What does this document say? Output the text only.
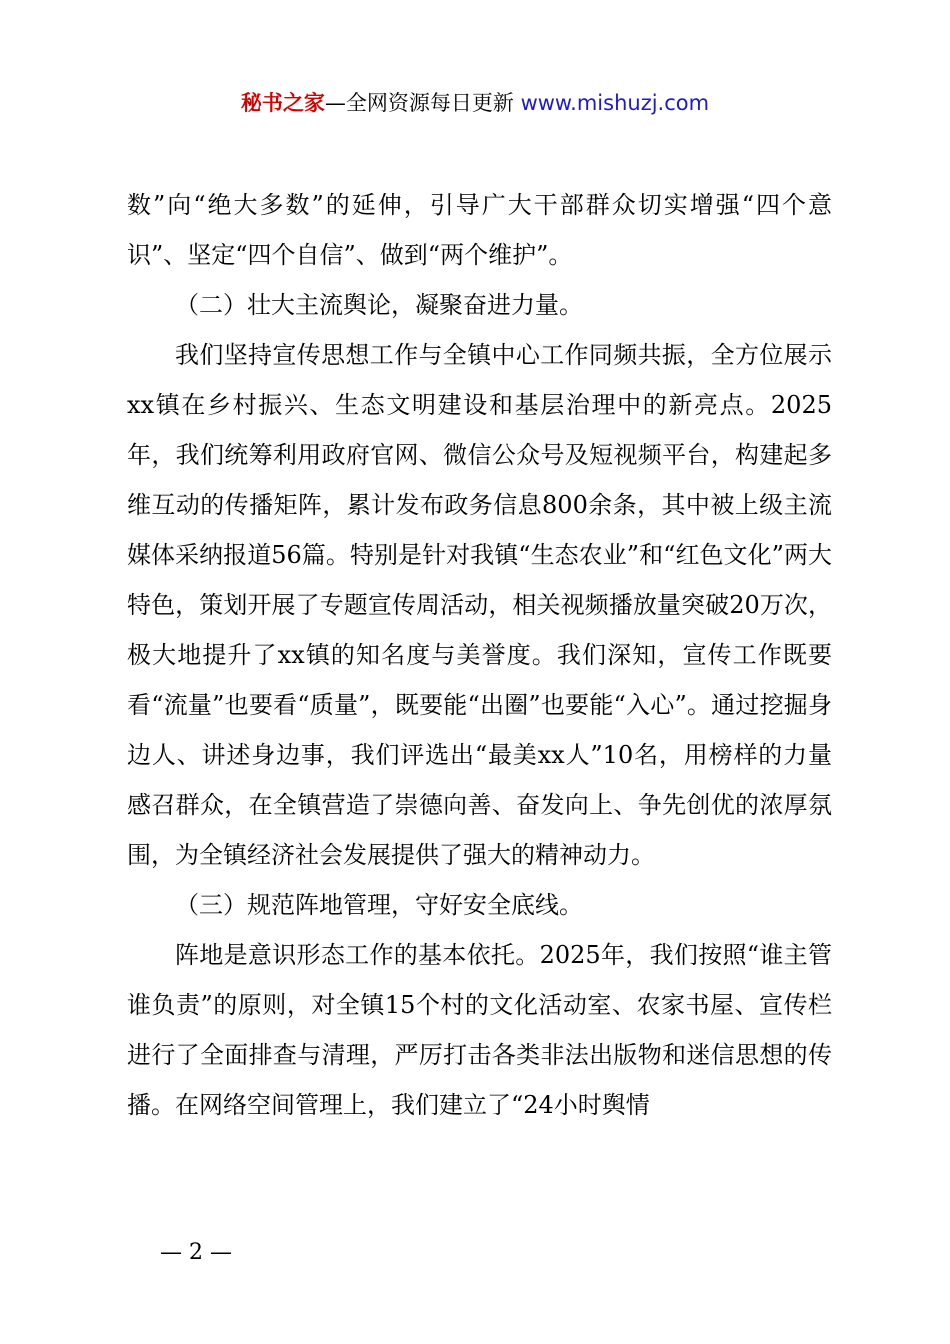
秘书之家—全网资源每日更新 www.mishuzj.com

数”向“绝大多数”的延伸，引导广大干部群众切实增强“四个意识”、坚定“四个自信”、做到“两个维护”。

（二）壮大主流舆论，凝聚奋进力量。

我们坚持宣传思想工作与全镇中心工作同频共振，全方位展示xx镇在乡村振兴、生态文明建设和基层治理中的新亮点。2025年，我们统筹利用政府官网、微信公众号及短视频平台，构建起多维互动的传播矩阵，累计发布政务信息800余条，其中被上级主流媒体采纳报道56篇。特别是针对我镇“生态农业”和“红色文化”两大特色，策划开展了专题宣传周活动，相关视频播放量突破20万次，极大地提升了xx镇的知名度与美誉度。我们深知，宣传工作既要看“流量”也要看“质量”，既要能“出圈”也要能“入心”。通过挖掘身边人、讲述身边事，我们评选出“最美xx人”10名，用榜样的力量感召群众，在全镇营造了崇德向善、奋发向上、争先创优的浓厚氛围，为全镇经济社会发展提供了强大的精神动力。

（三）规范阵地管理，守好安全底线。

阵地是意识形态工作的基本依托。2025年，我们按照“谁主管谁负责”的原则，对全镇15个村的文化活动室、农家书屋、宣传栏进行了全面排查与清理，严厉打击各类非法出版物和迷信思想的传播。在网络空间管理上，我们建立了“24小时舆情

— 2 —
